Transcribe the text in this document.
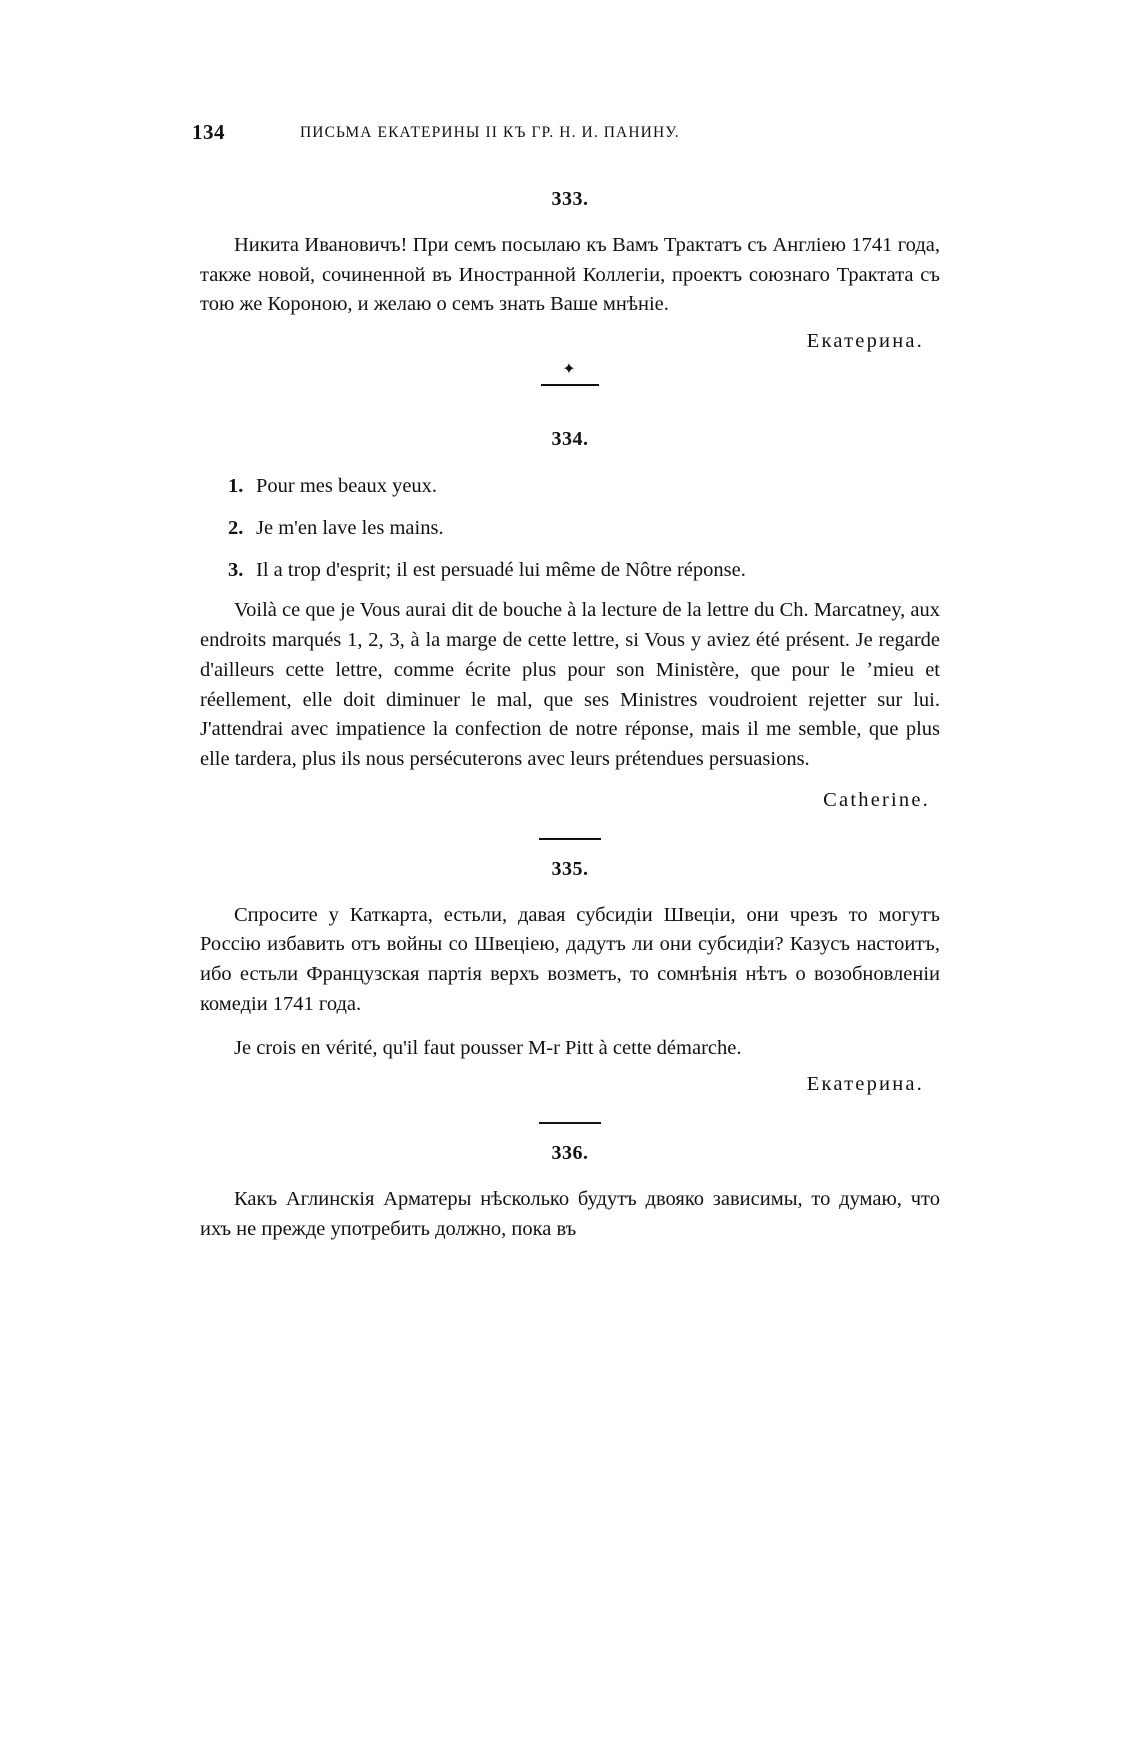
134	ПИСЬМА ЕКАТЕРИНЫ II КЪ ГР. Н. И. ПАНИНУ.
333.

Никита Ивановичъ! При семъ посылаю къ Вамъ Трактатъ съ Англіею 1741 года, также новой, сочиненной въ Иностранной Коллегіи, проектъ союзнаго Трактата съ тою же Короною, и желаю о семъ знать Ваше мнѣніе.

Екатерина.
✦
334.
1. Pour mes beaux yeux.
2. Je m'en lave les mains.
3. Il a trop d'esprit; il est persuadé lui même de Nôtre réponse.

Voilà ce que je Vous aurai dit de bouche à la lecture de la lettre du Ch. Marcatney, aux endroits marqués 1, 2, 3, à la marge de cette lettre, si Vous y aviez été présent. Je regarde d'ailleurs cette lettre, comme écrite plus pour son Ministère, que pour le ʼmieu et réellement, elle doit diminuer le mal, que ses Ministres voudroient rejetter sur lui. J'attendrai avec impatience la confection de notre réponse, mais il me semble, que plus elle tardera, plus ils nous persécuterons avec leurs prétendues persuasions.

Catherine.
335.

Спросите у Каткарта, естьли, давая субсидіи Швеціи, они чрезъ то могутъ Россію избавить отъ войны со Швеціею, дадутъ ли они субсидіи? Казусъ настоитъ, ибо естьли Французская партія верхъ возметъ, то сомнѣнія нѣтъ о возобновленіи комедіи 1741 года.

Je crois en vérité, qu'il faut pousser M-r Pitt à cette démarche.

Екатерина.
336.

Какъ Аглинскія Арматеры нѣсколько будутъ двояко зависимы, то думаю, что ихъ не прежде употребить должно, пока въ
